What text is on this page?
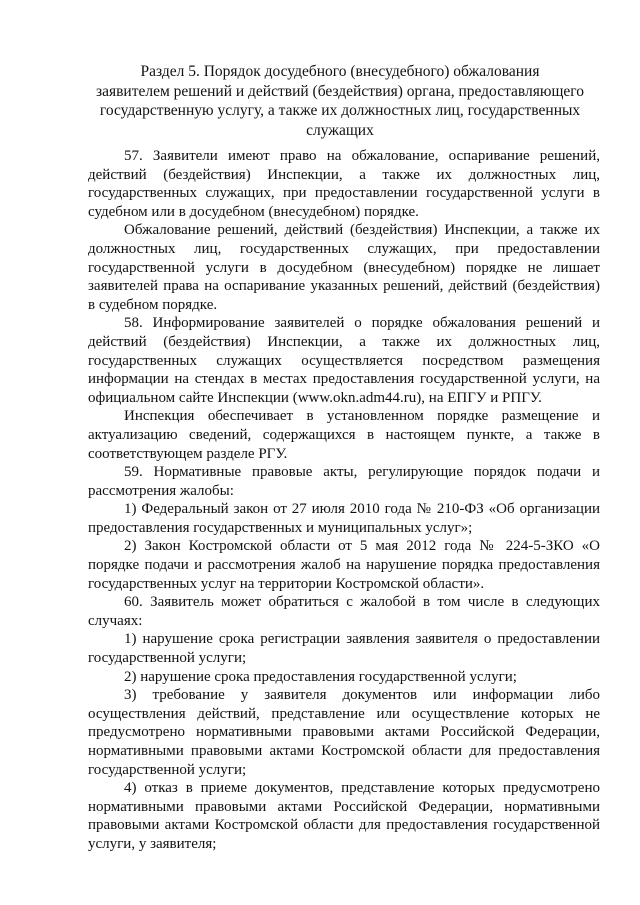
Раздел 5. Порядок досудебного (внесудебного) обжалования
заявителем решений и действий (бездействия) органа, предоставляющего
государственную услугу, а также их должностных лиц, государственных
служащих

57. Заявители имеют право на обжалование, оспаривание решений, действий (бездействия) Инспекции, а также их должностных лиц, государственных служащих, при предоставлении государственной услуги в судебном или в досудебном (внесудебном) порядке.

Обжалование решений, действий (бездействия) Инспекции, а также их должностных лиц, государственных служащих, при предоставлении государственной услуги в досудебном (внесудебном) порядке не лишает заявителей права на оспаривание указанных решений, действий (бездействия) в судебном порядке.

58. Информирование заявителей о порядке обжалования решений и действий (бездействия) Инспекции, а также их должностных лиц, государственных служащих осуществляется посредством размещения информации на стендах в местах предоставления государственной услуги, на официальном сайте Инспекции (www.okn.adm44.ru), на ЕПГУ и РПГУ.

Инспекция обеспечивает в установленном порядке размещение и актуализацию сведений, содержащихся в настоящем пункте, а также в соответствующем разделе РГУ.

59. Нормативные правовые акты, регулирующие порядок подачи и рассмотрения жалобы:

1) Федеральный закон от 27 июля 2010 года № 210-ФЗ «Об организации предоставления государственных и муниципальных услуг»;

2) Закон Костромской области от 5 мая 2012 года № 224-5-ЗКО «О порядке подачи и рассмотрения жалоб на нарушение порядка предоставления государственных услуг на территории Костромской области».

60. Заявитель может обратиться с жалобой в том числе в следующих случаях:

1) нарушение срока регистрации заявления заявителя о предоставлении государственной услуги;

2) нарушение срока предоставления государственной услуги;

3) требование у заявителя документов или информации либо осуществления действий, представление или осуществление которых не предусмотрено нормативными правовыми актами Российской Федерации, нормативными правовыми актами Костромской области для предоставления государственной услуги;

4) отказ в приеме документов, представление которых предусмотрено нормативными правовыми актами Российской Федерации, нормативными правовыми актами Костромской области для предоставления государственной услуги, у заявителя;
